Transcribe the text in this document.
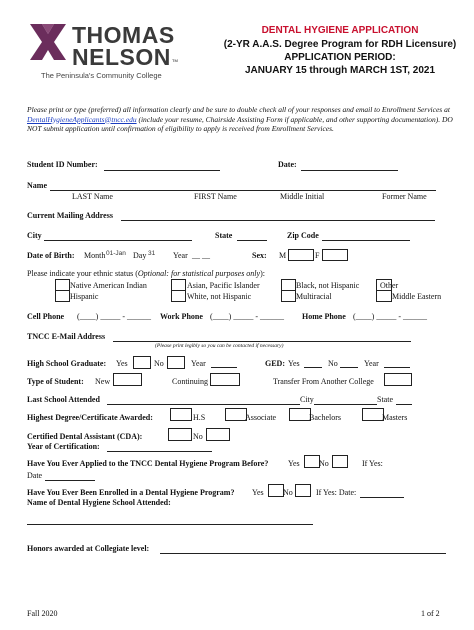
THOMAS
NELSON TM
The Peninsula's Community College
DENTAL HYGIENE APPLICATION
(2-YR A.A.S. Degree Program for RDH Licensure)
APPLICATION PERIOD:
JANUARY 15 through MARCH 1ST, 2021
Please print or type (preferred) all information clearly and be sure to double check all of your responses and email to Enrollment Services at DentalHygieneApplicants@tncc.edu (include your resume, Chairside Assisting Form if applicable, and other supporting documentation). DO NOT submit application until confirmation of eligibility to apply is received from Enrollment Services.
Student ID Number:	Date:
Name
LAST Name	FIRST Name	Middle Initial	Former Name
Current Mailing Address
City	State	Zip Code
Date of Birth: Month 01-Jan Day 31 Year __ __	Sex: M	F
Please indicate your ethnic status (Optional: for statistical purposes only):
Native American Indian	Asian, Pacific Islander	Black, not Hispanic	Other
Hispanic	White, not Hispanic	Multiracial	Middle Eastern
Cell Phone (____) _____ - ______ Work Phone (____) _____ - ______ Home Phone (____) _____ - ______
TNCC E-Mail Address
(Please print legibly so you can be contacted if necessary)
High School Graduate: Yes	No	Year	GED: Yes	No	Year
Type of Student: New	Continuing	Transfer From Another College
Last School Attended	City	State
Highest Degree/Certificate Awarded:	H.S	Associate	Bachelors	Masters
Certified Dental Assistant (CDA):	No
Year of Certification:
Have You Ever Applied to the TNCC Dental Hygiene Program Before? Yes No	If Yes:
Date
Have You Ever Been Enrolled in a Dental Hygiene Program? Yes No	If Yes: Date:
Name of Dental Hygiene School Attended:
Honors awarded at Collegiate level:
Fall 2020	1 of 2
